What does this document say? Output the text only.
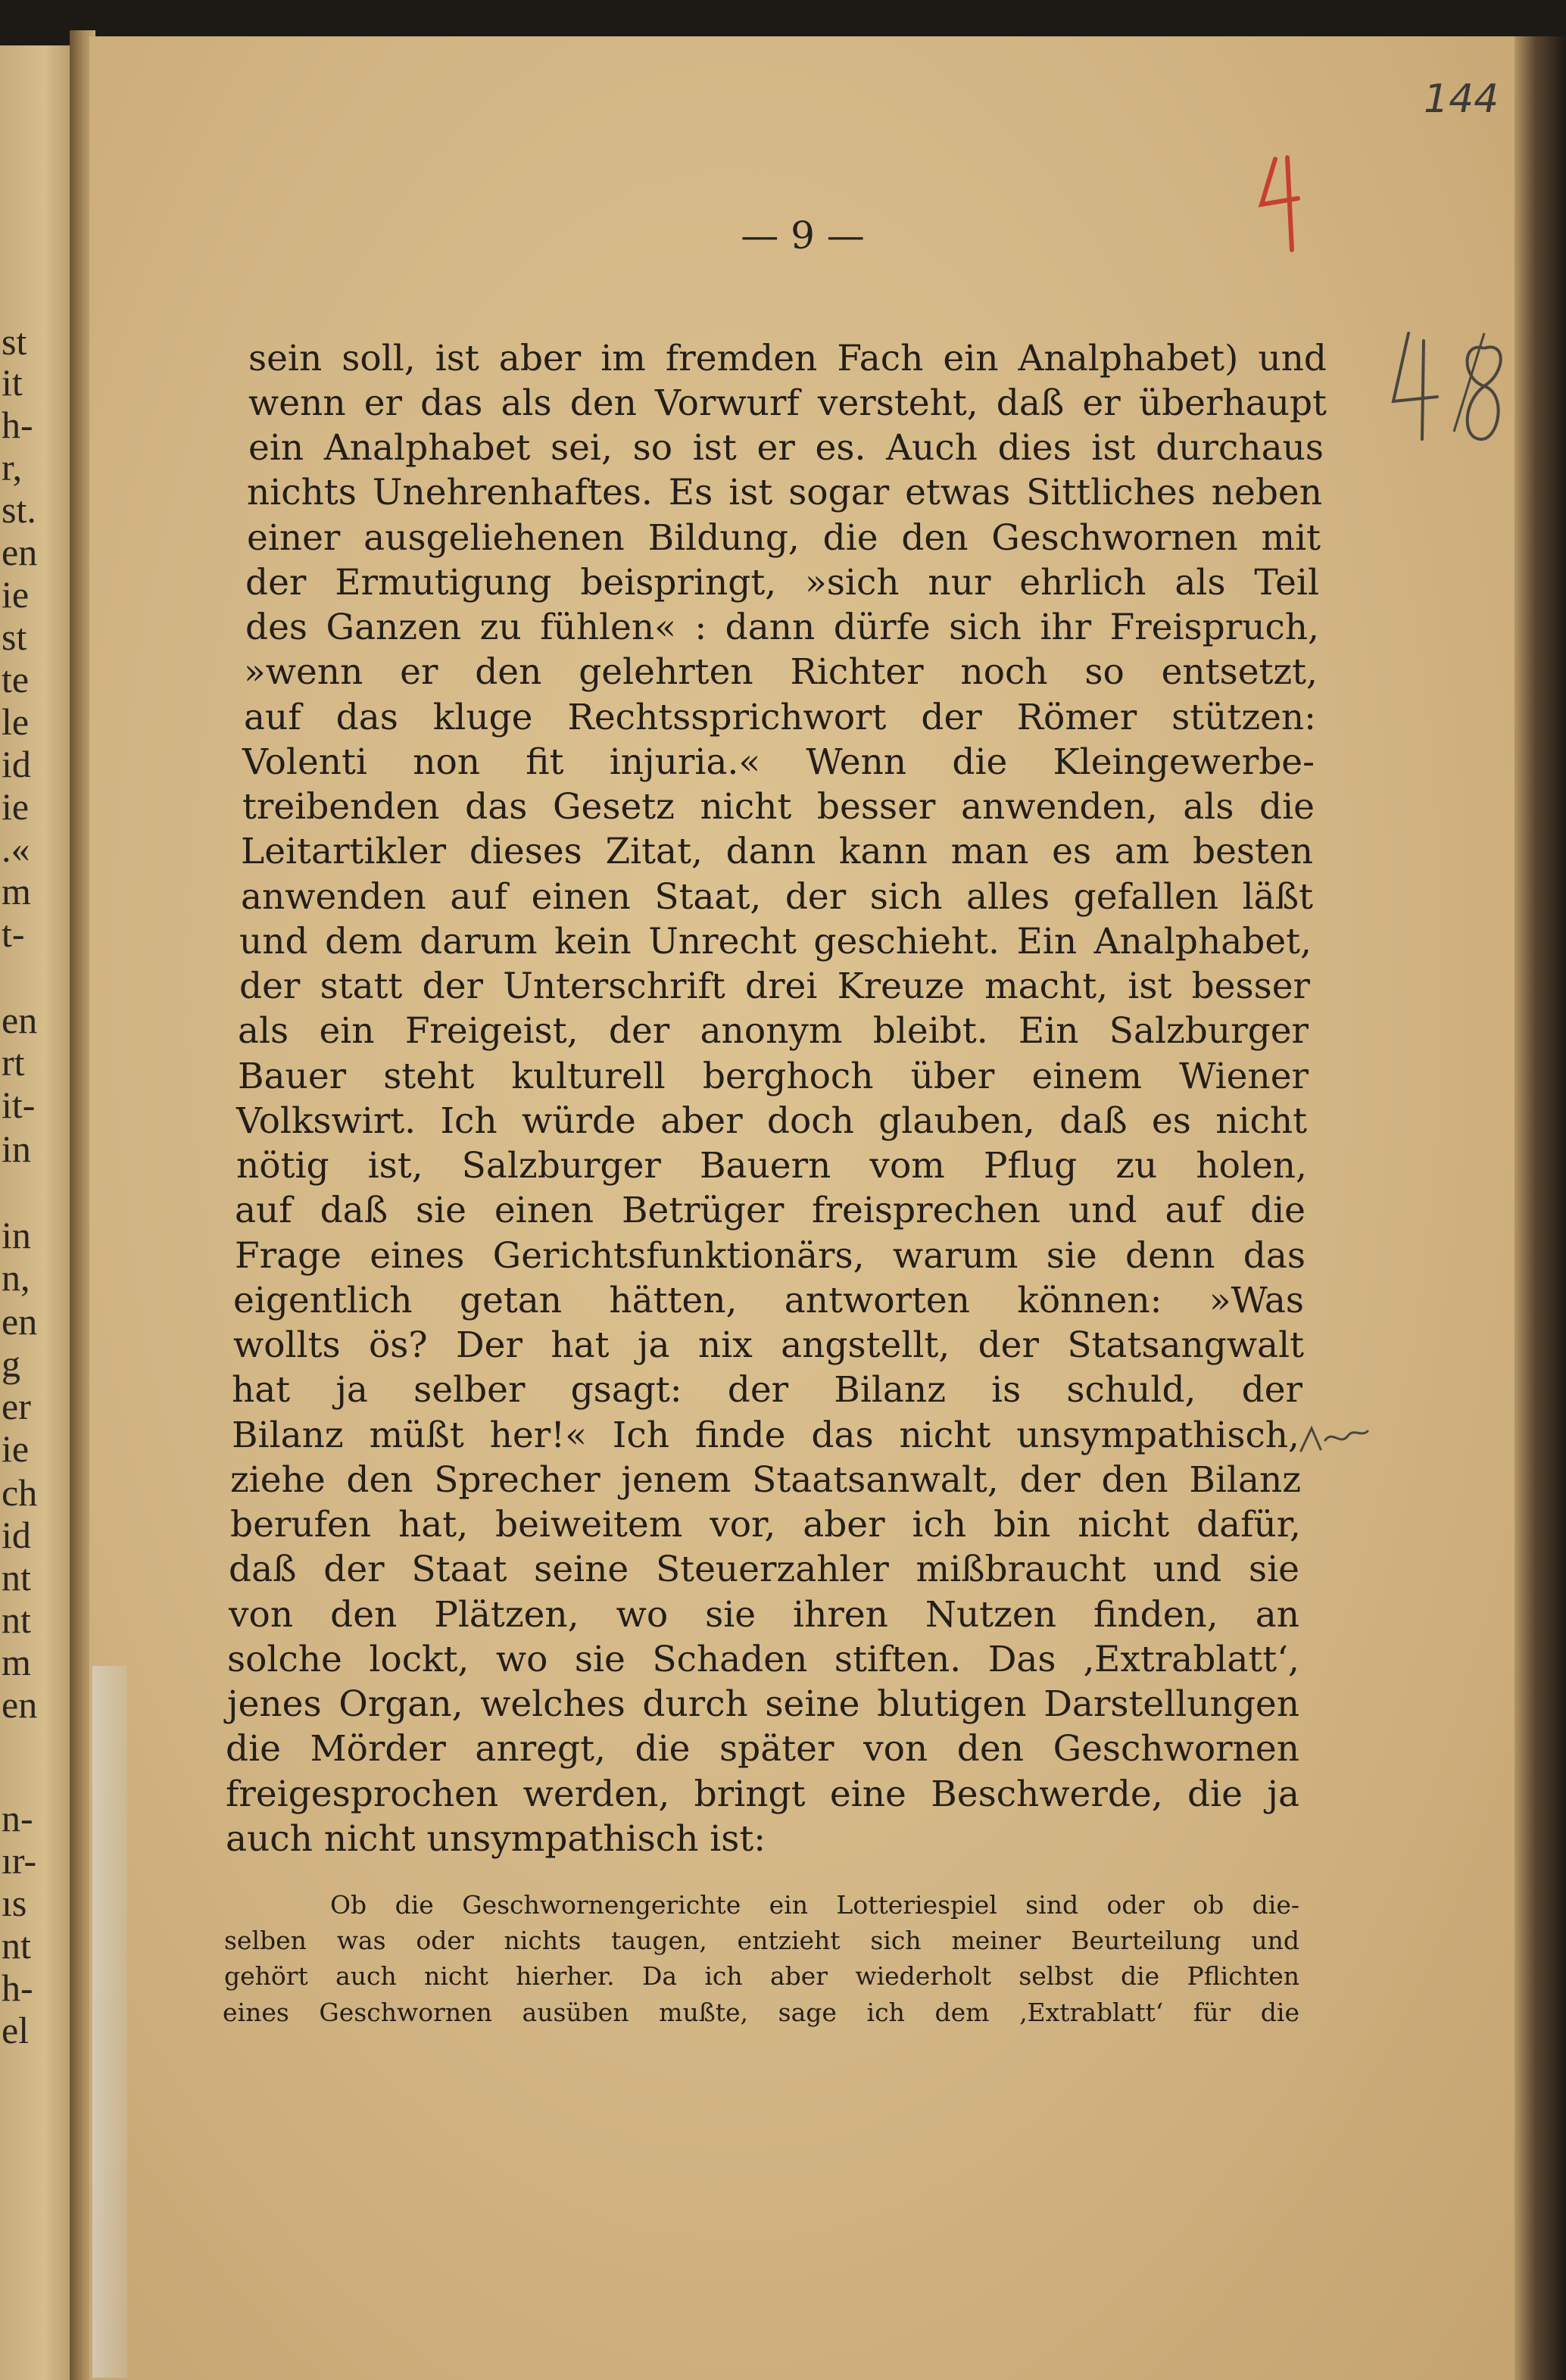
st
it
h-
r,
st.
en
ie
st
te
le
id
ie
.«
m
t-
en
rt
it-
in
in
n,
en
g
er
ie
ch
id
nt
nt
m
en
n-
ır-
ıs
nt
h-
el
144
— 9 —
sein soll, ist aber im fremden Fach ein Analphabet) und
wenn er das als den Vorwurf versteht, daß er überhaupt
ein Analphabet sei, so ist er es. Auch dies ist durchaus
nichts Unehrenhaftes. Es ist sogar etwas Sittliches neben
einer ausgeliehenen Bildung, die den Geschwornen mit
der Ermutigung beispringt, »sich nur ehrlich als Teil
des Ganzen zu fühlen« : dann dürfe sich ihr Freispruch,
»wenn er den gelehrten Richter noch so entsetzt,
auf das kluge Rechtssprichwort der Römer stützen:
Volenti non fit injuria.« Wenn die Kleingewerbe-
treibenden das Gesetz nicht besser anwenden, als die
Leitartikler dieses Zitat, dann kann man es am besten
anwenden auf einen Staat, der sich alles gefallen läßt
und dem darum kein Unrecht geschieht. Ein Analphabet,
der statt der Unterschrift drei Kreuze macht, ist besser
als ein Freigeist, der anonym bleibt. Ein Salzburger
Bauer steht kulturell berghoch über einem Wiener
Volkswirt. Ich würde aber doch glauben, daß es nicht
nötig ist, Salzburger Bauern vom Pflug zu holen,
auf daß sie einen Betrüger freisprechen und auf die
Frage eines Gerichtsfunktionärs, warum sie denn das
eigentlich getan hätten, antworten können: »Was
wollts ös? Der hat ja nix angstellt, der Statsangwalt
hat ja selber gsagt: der Bilanz is schuld, der
Bilanz müßt her!« Ich finde das nicht unsympathisch,
ziehe den Sprecher jenem Staatsanwalt, der den Bilanz
berufen hat, beiweitem vor, aber ich bin nicht dafür,
daß der Staat seine Steuerzahler mißbraucht und sie
von den Plätzen, wo sie ihren Nutzen finden, an
solche lockt, wo sie Schaden stiften. Das ‚Extrablatt‘,
jenes Organ, welches durch seine blutigen Darstellungen
die Mörder anregt, die später von den Geschwornen
freigesprochen werden, bringt eine Beschwerde, die ja
auch nicht unsympathisch ist:
Ob die Geschwornengerichte ein Lotteriespiel sind oder ob die-
selben was oder nichts taugen, entzieht sich meiner Beurteilung und
gehört auch nicht hierher. Da ich aber wiederholt selbst die Pflichten
eines Geschwornen ausüben mußte, sage ich dem ‚Extrablatt‘ für die
